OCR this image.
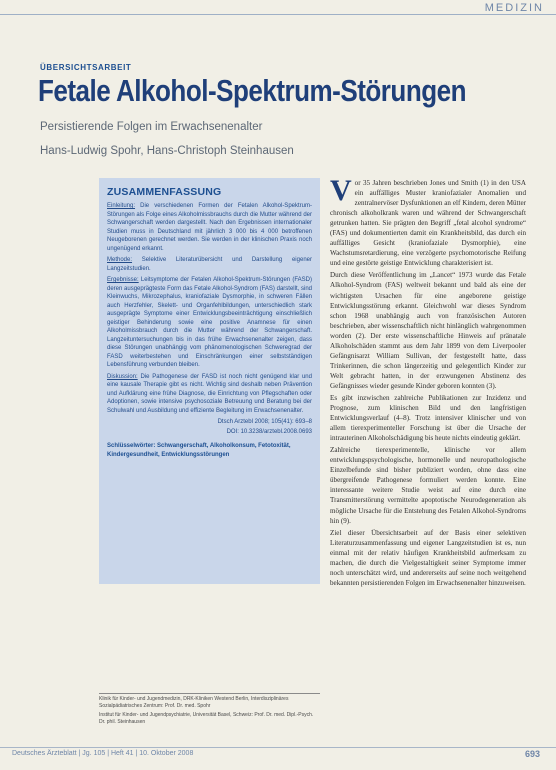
MEDIZIN
ÜBERSICHTSARBEIT
Fetale Alkohol-Spektrum-Störungen
Persistierende Folgen im Erwachsenenalter
Hans-Ludwig Spohr, Hans-Christoph Steinhausen
ZUSAMMENFASSUNG

Einleitung: Die verschiedenen Formen der Fetalen Alkohol-Spektrum-Störungen als Folge eines Alkoholmissbrauchs durch die Mutter während der Schwangerschaft werden dargestellt. Nach den Ergebnissen internationaler Studien muss in Deutschland mit jährlich 3 000 bis 4 000 betroffenen Neugeborenen gerechnet werden. Sie werden in der klinischen Praxis noch ungenügend erkannt.

Methode: Selektive Literaturübersicht und Darstellung eigener Langzeitstudien.

Ergebnisse: Leitsymptome der Fetalen Alkohol-Spektrum-Störungen (FASD) deren ausgeprägteste Form das Fetale Alkohol-Syndrom (FAS) darstellt, sind Kleinwuchs, Mikrozephalus, kraniofaziale Dysmorphie, in schweren Fällen auch Herzfehler, Skelett- und Organfehlbildungen, unterschiedlich stark ausgeprägte Symptome einer Entwicklungsbeeinträchtigung einschließlich geistiger Behinderung sowie eine positive Anamnese für einen Alkoholmissbrauch durch die Mutter während der Schwangerschaft. Langzeituntersuchungen bis in das frühe Erwachsenenalter zeigen, dass diese Störungen unabhängig vom phänomenologischen Schweregrad der FASD weiterbestehen und Einschränkungen einer selbstständigen Lebensführung verbunden bleiben.

Diskussion: Die Pathogenese der FASD ist noch nicht genügend klar und eine kausale Therapie gibt es nicht. Wichtig sind deshalb neben Prävention und Aufklärung eine frühe Diagnose, die Einrichtung von Pflegschaften oder Adoptionen, sowie intensive psychosoziale Betreuung und Beratung bei der Schulwahl und Ausbildung und effiziente Begleitung im Erwachsenenalter.

Dtsch Arztebl 2008; 105(41): 693–8
DOI: 10.3238/arztebl.2008.0693

Schlüsselwörter: Schwangerschaft, Alkoholkonsum, Fetotoxität, Kindergesundheit, Entwicklungsstörungen

Vor 35 Jahren beschrieben Jones und Smith (1) in den USA ein auffälliges Muster kraniofazialer Anomalien und zentralnervöser Dysfunktionen an elf Kindern, deren Mütter chronisch alkoholkrank waren und während der Schwangerschaft getrunken hatten. Sie prägten den Begriff „fetal alcohol syndrome“ (FAS) und dokumentierten damit ein Krankheitsbild, das durch ein auffälliges Gesicht (kraniofaziale Dysmorphie), eine Wachstumsretardierung, eine verzögerte psychomotorische Reifung und eine gestörte geistige Entwicklung charakterisiert ist.

Durch diese Veröffentlichung im „Lancet“ 1973 wurde das Fetale Alkohol-Syndrom (FAS) weltweit bekannt und bald als eine der wichtigsten Ursachen für eine angeborene geistige Entwicklungsstörung erkannt. Gleichwohl war dieses Syndrom schon 1968 unabhängig auch von französischen Autoren beschrieben, aber wissenschaftlich nicht hinlänglich wahrgenommen worden (2). Der erste wissenschaftliche Hinweis auf pränatale Alkoholschäden stammt aus dem Jahr 1899 von dem Liverpooler Gefängnisarzt William Sullivan, der festgestellt hatte, dass Trinkerinnen, die schon längerzeitig und gelegentlich Kinder zur Welt gebracht hatten, in der erzwungenen Abstinenz des Gefängnisses wieder gesunde Kinder geboren konnten (3).

Es gibt inzwischen zahlreiche Publikationen zur Inzidenz und Prognose, zum klinischen Bild und den langfristigen Entwicklungsverlauf (4–8). Trotz intensiver klinischer und von allem tierexperimenteller Forschung ist über die Ursache der intrauterinen Alkoholschädigung bis heute nichts eindeutig geklärt.

Zahlreiche tierexperimentelle, klinische vor allem entwicklungspsychologische, hormonelle und neuropathologische Einzelbefunde sind bisher publiziert worden, ohne dass eine übergreifende Pathogenese formuliert werden konnte. Eine interessante weitere Studie weist auf eine durch eine Transmitterstörung vermittelte apoptotische Neurodegeneration als mögliche Ursache für die Entstehung des Fetalen Alkohol-Syndroms hin (9).

Ziel dieser Übersichtsarbeit auf der Basis einer selektiven Literaturzusammenfassung und eigener Langzeitstudien ist es, nun einmal mit der relativ häufigen Krankheitsbild aufmerksam zu machen, die durch die Vielgestaltigkeit seiner Symptome immer noch unterschätzt wird, und andererseits auf seine noch weitgehend bekannten persistierenden Folgen im Erwachsenenalter hinzuweisen.

Klinik für Kinder- und Jugendmedizin, DRK-Kliniken Westend Berlin, Interdisziplinäres Sozialpädiatrisches Zentrum: Prof. Dr. med. Spohr

Institut für Kinder- und Jugendpsychiatrie, Universität Basel, Schweiz: Prof. Dr. med. Dipl.-Psych. Dr. phil. Steinhausen

Deutsches Ärzteblatt | Jg. 105 | Heft 41 | 10. Oktober 2008	693
